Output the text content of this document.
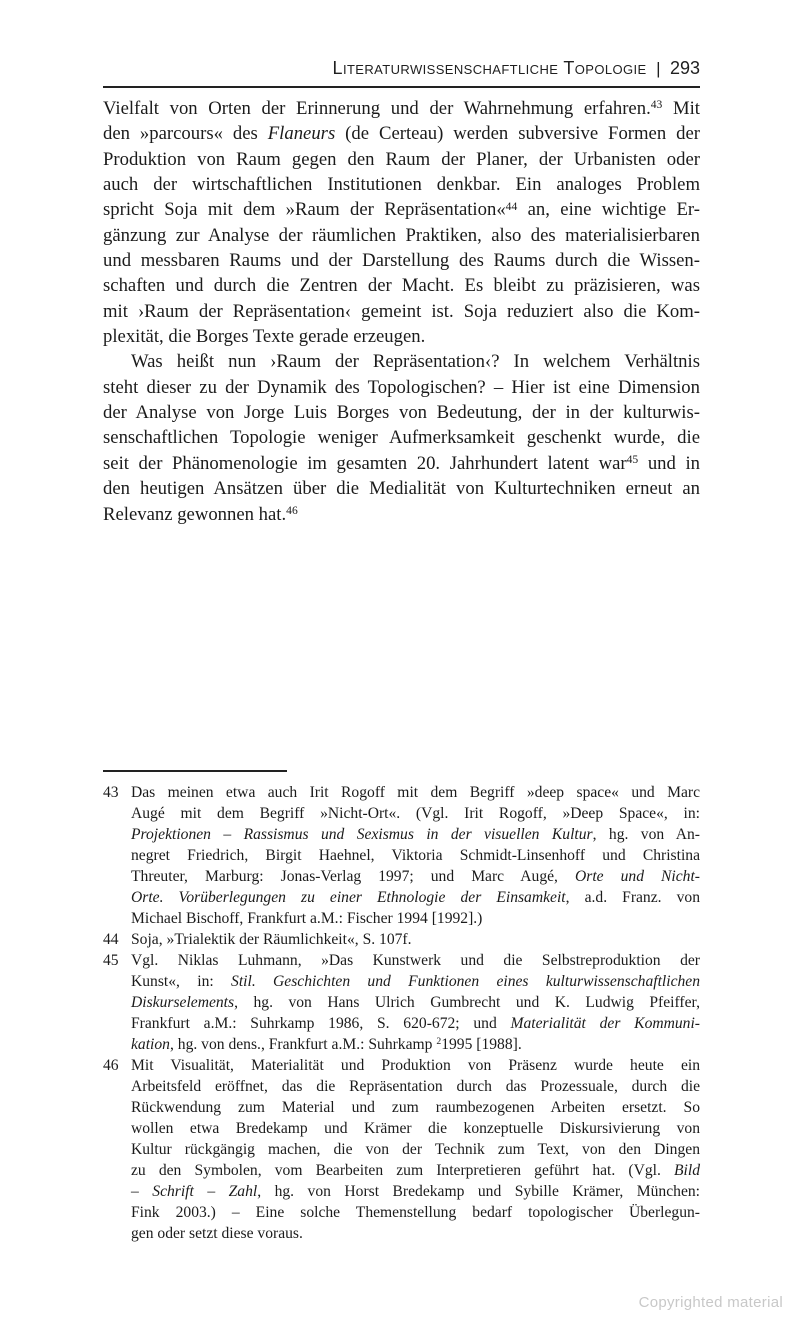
Literaturwissenschaftliche Topologie | 293

Vielfalt von Orten der Erinnerung und der Wahrnehmung erfahren.$^{43}$ Mit
den »parcours« des Flaneurs (de Certeau) werden subversive Formen der
Produktion von Raum gegen den Raum der Planer, der Urbanisten oder
auch der wirtschaftlichen Institutionen denkbar. Ein analoges Problem
spricht Soja mit dem »Raum der Repräsentation«$^{44}$ an, eine wichtige Er-
gänzung zur Analyse der räumlichen Praktiken, also des materialisierbaren
und messbaren Raums und der Darstellung des Raums durch die Wissen-
schaften und durch die Zentren der Macht. Es bleibt zu präzisieren, was
mit ›Raum der Repräsentation‹ gemeint ist. Soja reduziert also die Kom-
plexität, die Borges Texte gerade erzeugen.

Was heißt nun ›Raum der Repräsentation‹? In welchem Verhältnis
steht dieser zu der Dynamik des Topologischen? – Hier ist eine Dimension
der Analyse von Jorge Luis Borges von Bedeutung, der in der kulturwis-
senschaftlichen Topologie weniger Aufmerksamkeit geschenkt wurde, die
seit der Phänomenologie im gesamten 20. Jahrhundert latent war$^{45}$ und in
den heutigen Ansätzen über die Medialität von Kulturtechniken erneut an
Relevanz gewonnen hat.$^{46}$

43 Das meinen etwa auch Irit Rogoff mit dem Begriff »deep space« und Marc
Augé mit dem Begriff »Nicht-Ort«. (Vgl. Irit Rogoff, »Deep Space«, in:
Projektionen – Rassismus und Sexismus in der visuellen Kultur, hg. von An-
negret Friedrich, Birgit Haehnel, Viktoria Schmidt-Linsenhoff und Christina
Threuter, Marburg: Jonas-Verlag 1997; und Marc Augé, Orte und Nicht-
Orte. Vorüberlegungen zu einer Ethnologie der Einsamkeit, a.d. Franz. von
Michael Bischoff, Frankfurt a.M.: Fischer 1994 [1992].)
44 Soja, »Trialektik der Räumlichkeit«, S. 107f.
45 Vgl. Niklas Luhmann, »Das Kunstwerk und die Selbstreproduktion der
Kunst«, in: Stil. Geschichten und Funktionen eines kulturwissenschaftlichen
Diskurselements, hg. von Hans Ulrich Gumbrecht und K. Ludwig Pfeiffer,
Frankfurt a.M.: Suhrkamp 1986, S. 620-672; und Materialität der Kommuni-
kation, hg. von dens., Frankfurt a.M.: Suhrkamp $^2$1995 [1988].
46 Mit Visualität, Materialität und Produktion von Präsenz wurde heute ein
Arbeitsfeld eröffnet, das die Repräsentation durch das Prozessuale, durch die
Rückwendung zum Material und zum raumbezogenen Arbeiten ersetzt. So
wollen etwa Bredekamp und Krämer die konzeptuelle Diskursivierung von
Kultur rückgängig machen, die von der Technik zum Text, von den Dingen
zu den Symbolen, vom Bearbeiten zum Interpretieren geführt hat. (Vgl. Bild
– Schrift – Zahl, hg. von Horst Bredekamp und Sybille Krämer, München:
Fink 2003.) – Eine solche Themenstellung bedarf topologischer Überlegun-
gen oder setzt diese voraus.
Copyrighted material
